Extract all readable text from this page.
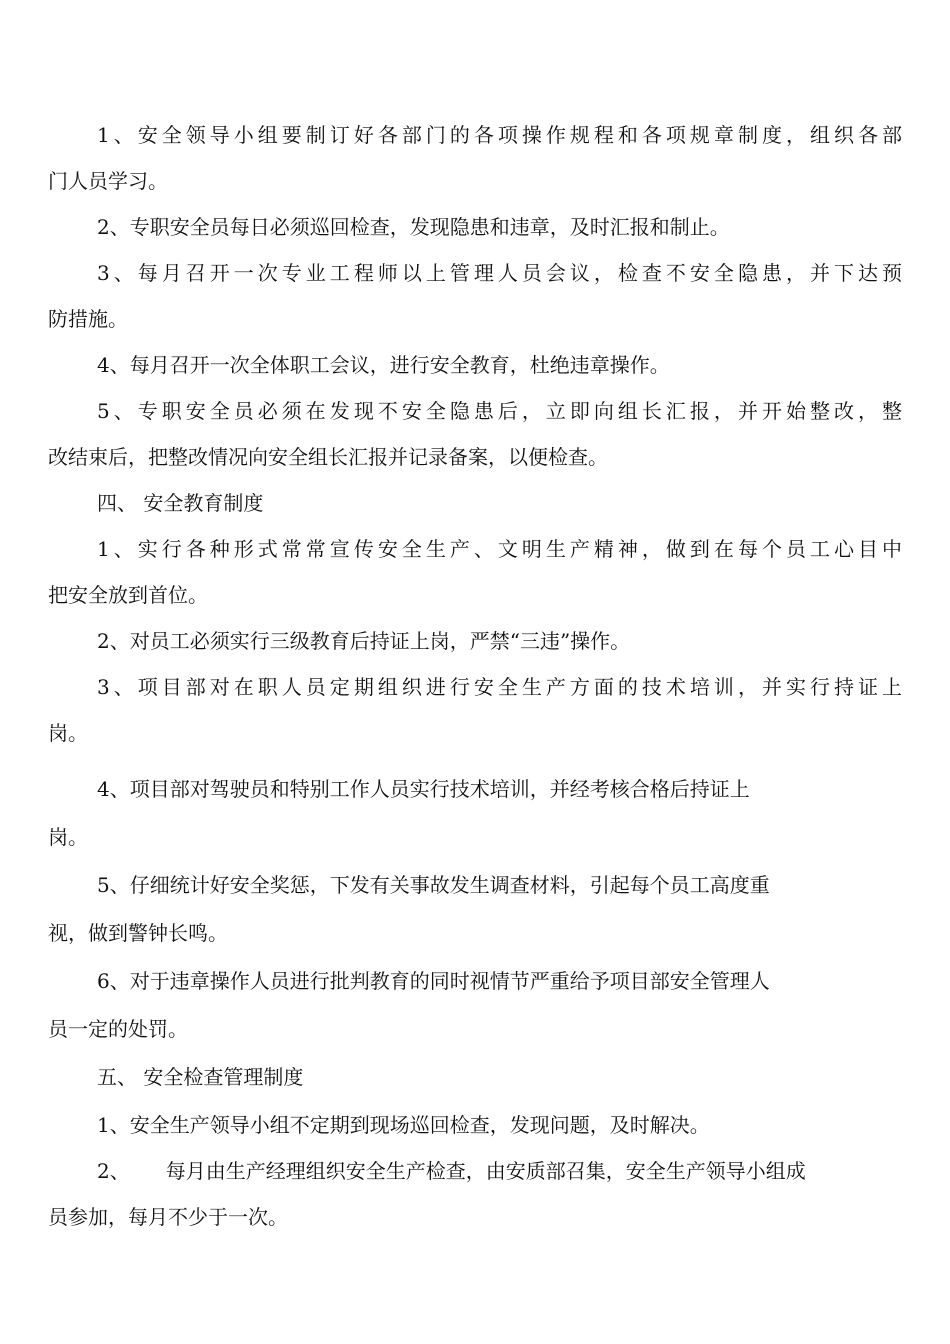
1、安全领导小组要制订好各部门的各项操作规程和各项规章制度，组织各部
门人员学习。
2、专职安全员每日必须巡回检查，发现隐患和违章，及时汇报和制止。
3、每月召开一次专业工程师以上管理人员会议，检查不安全隐患，并下达预
防措施。
4、每月召开一次全体职工会议，进行安全教育，杜绝违章操作。
5、专职安全员必须在发现不安全隐患后，立即向组长汇报，并开始整改，整
改结束后，把整改情况向安全组长汇报并记录备案，以便检查。
四、 安全教育制度
1、实行各种形式常常宣传安全生产、文明生产精神，做到在每个员工心目中
把安全放到首位。
2、对员工必须实行三级教育后持证上岗，严禁“三违”操作。
3、项目部对在职人员定期组织进行安全生产方面的技术培训，并实行持证上
岗。
4、项目部对驾驶员和特别工作人员实行技术培训，并经考核合格后持证上
岗。
5、仔细统计好安全奖惩，下发有关事故发生调查材料，引起每个员工高度重
视，做到警钟长鸣。
6、对于违章操作人员进行批判教育的同时视情节严重给予项目部安全管理人
员一定的处罚。
五、 安全检查管理制度
1、安全生产领导小组不定期到现场巡回检查，发现问题，及时解决。
2、 每月由生产经理组织安全生产检查，由安质部召集，安全生产领导小组成
员参加，每月不少于一次。
